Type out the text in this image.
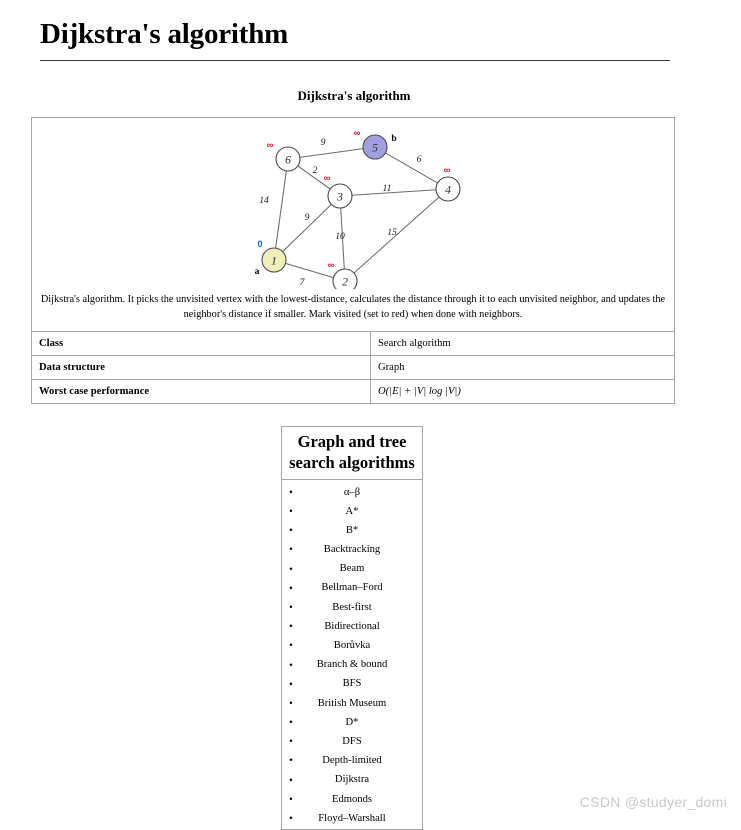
Dijkstra's algorithm
Dijkstra's algorithm
14
9
7
9
2
10
11
6
15
1
0
a
2
∞
3
∞
4
∞
5
∞	b
6
∞
Dijkstra's algorithm. It picks the unvisited vertex with the lowest-distance, calculates the distance through it to each unvisited neighbor, and updates the neighbor's distance if smaller. Mark visited (set to red) when done with neighbors.
Class	Search algorithm
Data structure	Graph
Worst case performance	O(|E| + |V| log |V|)
Graph and tree search algorithms
•	α–β
•	A*
•	B*
•	Backtracking
•	Beam
•	Bellman–Ford
•	Best-first
•	Bidirectional
•	Borůvka
• Branch & bound
•	BFS
• British Museum
•	D*
•	DFS
•	Depth-limited
•	Dijkstra
•	Edmonds
• Floyd–Warshall
CSDN @studyer_domi
